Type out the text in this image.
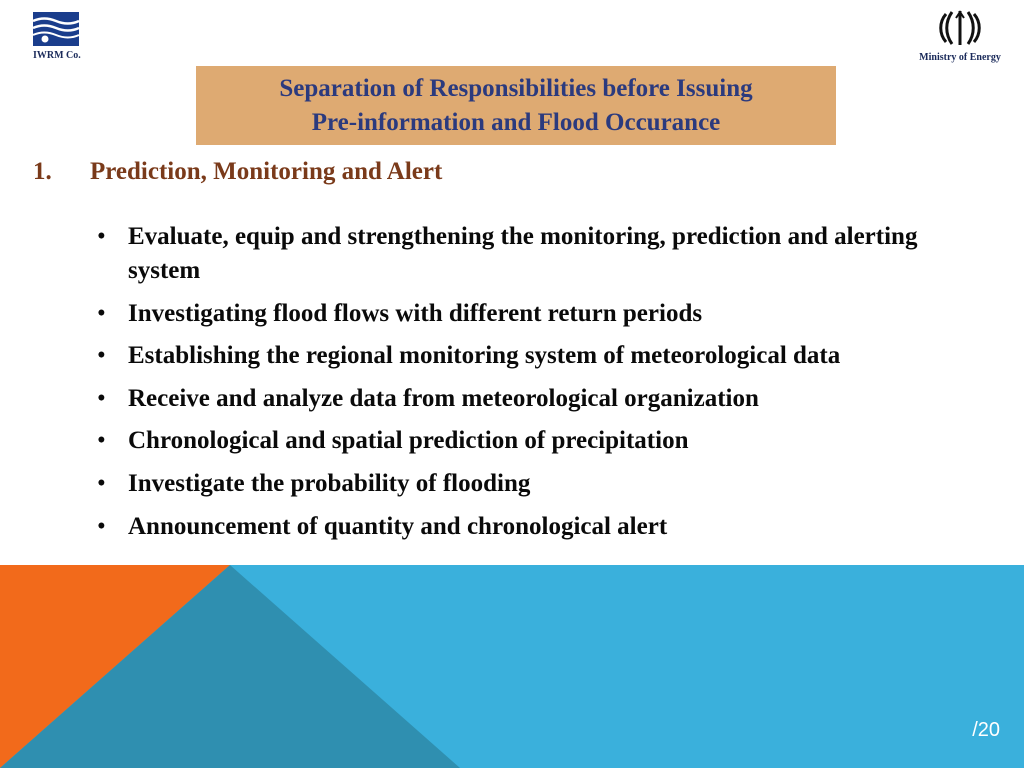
IWRM Co.	Ministry of Energy
Separation of Responsibilities before Issuing
Pre-information and Flood Occurance
1. Prediction, Monitoring and Alert
• Evaluate, equip and strengthening the monitoring, prediction and alerting system
• Investigating flood flows with different return periods
• Establishing the regional monitoring system of meteorological data
• Receive and analyze data from meteorological organization
• Chronological and spatial prediction of precipitation
• Investigate the probability of flooding
• Announcement of quantity and chronological alert
/20
